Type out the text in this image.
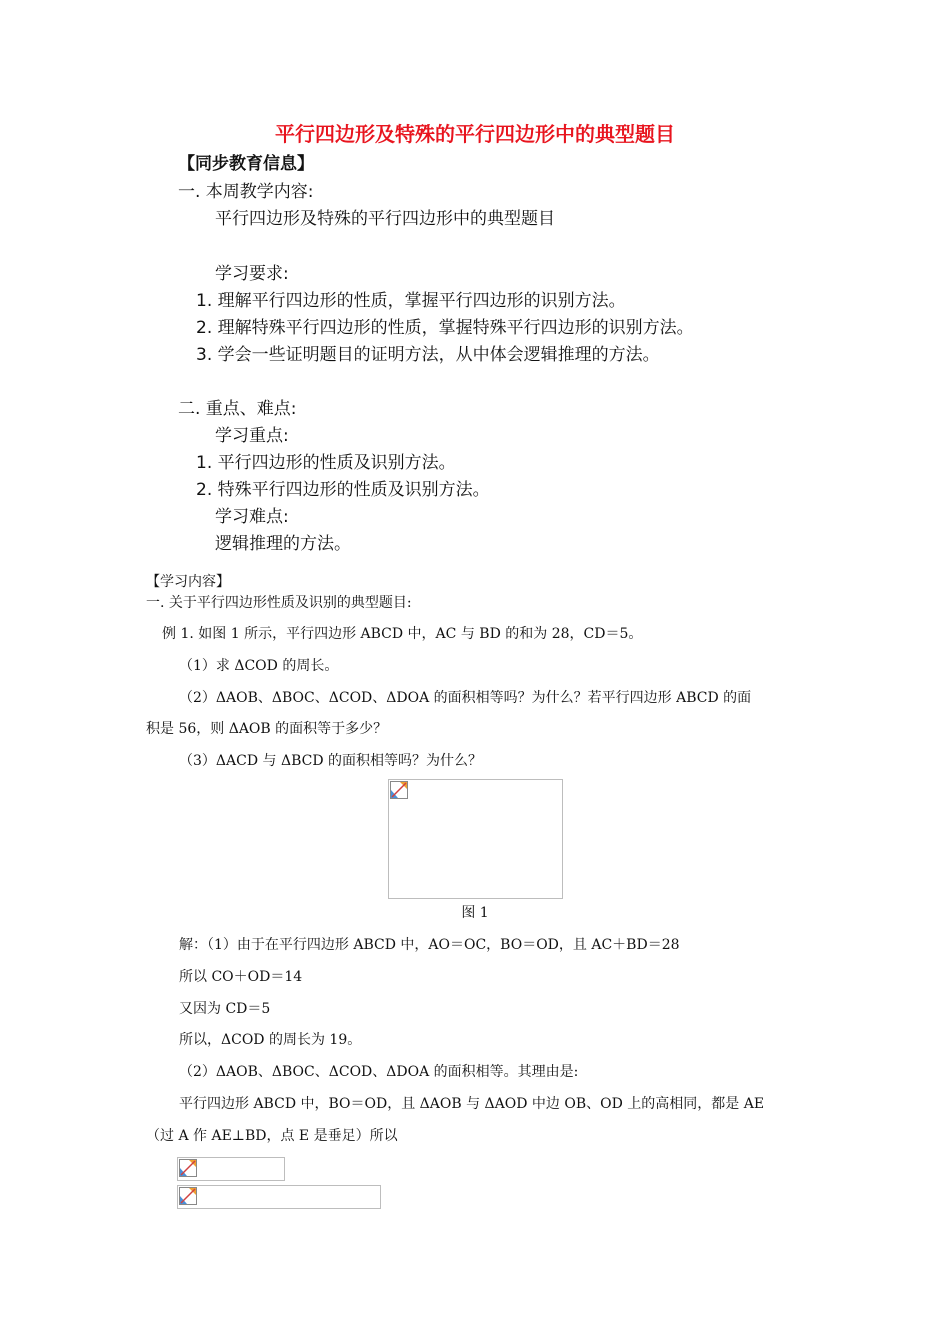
平行四边形及特殊的平行四边形中的典型题目
【同步教育信息】
一. 本周教学内容:
平行四边形及特殊的平行四边形中的典型题目
学习要求:
1. 理解平行四边形的性质，掌握平行四边形的识别方法。
2. 理解特殊平行四边形的性质，掌握特殊平行四边形的识别方法。
3. 学会一些证明题目的证明方法，从中体会逻辑推理的方法。
二. 重点、难点:
学习重点:
1. 平行四边形的性质及识别方法。
2. 特殊平行四边形的性质及识别方法。
学习难点:
逻辑推理的方法。
【学习内容】
一. 关于平行四边形性质及识别的典型题目:
例 1. 如图 1 所示，平行四边形 ABCD 中，AC 与 BD 的和为 28，CD＝5。
（1）求 ΔCOD 的周长。
（2）ΔAOB、ΔBOC、ΔCOD、ΔDOA 的面积相等吗？为什么？若平行四边形 ABCD 的面
积是 56，则 ΔAOB 的面积等于多少？
（3）ΔACD 与 ΔBCD 的面积相等吗？为什么？
图 1
解：（1）由于在平行四边形 ABCD 中，AO＝OC，BO＝OD，且 AC＋BD＝28
所以 CO＋OD＝14
又因为 CD＝5
所以，ΔCOD 的周长为 19。
（2）ΔAOB、ΔBOC、ΔCOD、ΔDOA 的面积相等。其理由是:
平行四边形 ABCD 中，BO＝OD，且 ΔAOB 与 ΔAOD 中边 OB、OD 上的高相同，都是 AE
（过 A 作 AE⊥BD，点 E 是垂足）所以
